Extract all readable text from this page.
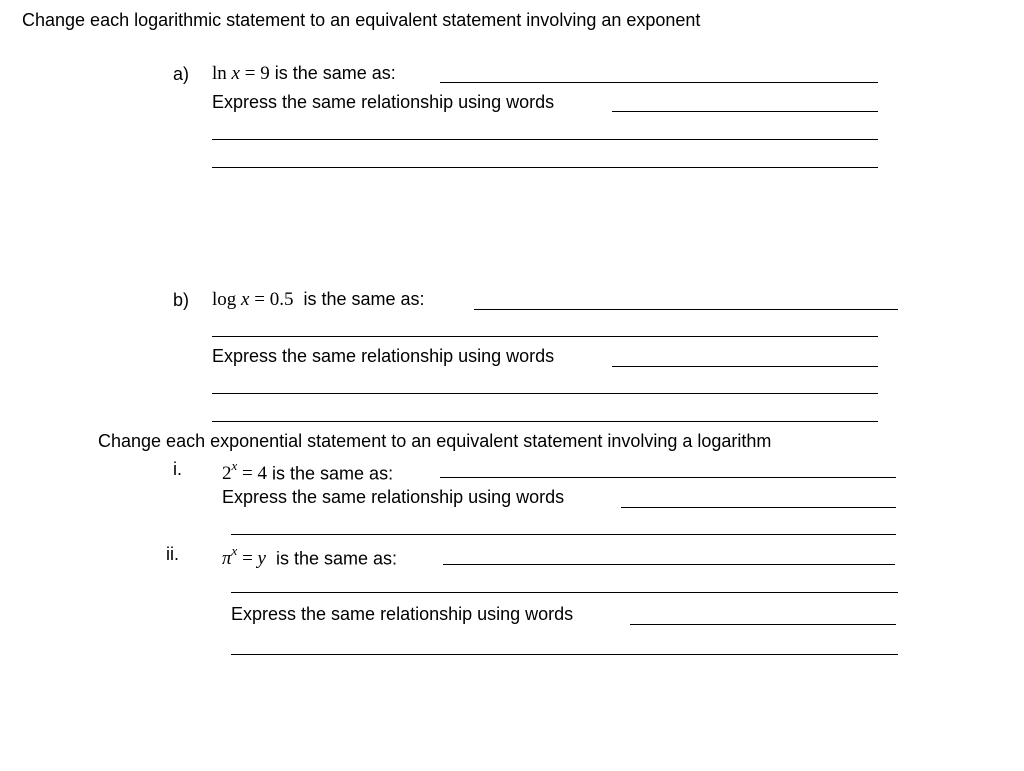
Change each logarithmic statement to an equivalent statement involving an exponent
a) ln x = 9 is the same as:
Express the same relationship using words
b) log x = 0.5 is the same as:
Express the same relationship using words
Change each exponential statement to an equivalent statement involving a logarithm
i. $2^x = 4$ is the same as:
Express the same relationship using words
ii. $\pi^x = y$ is the same as:
Express the same relationship using words
